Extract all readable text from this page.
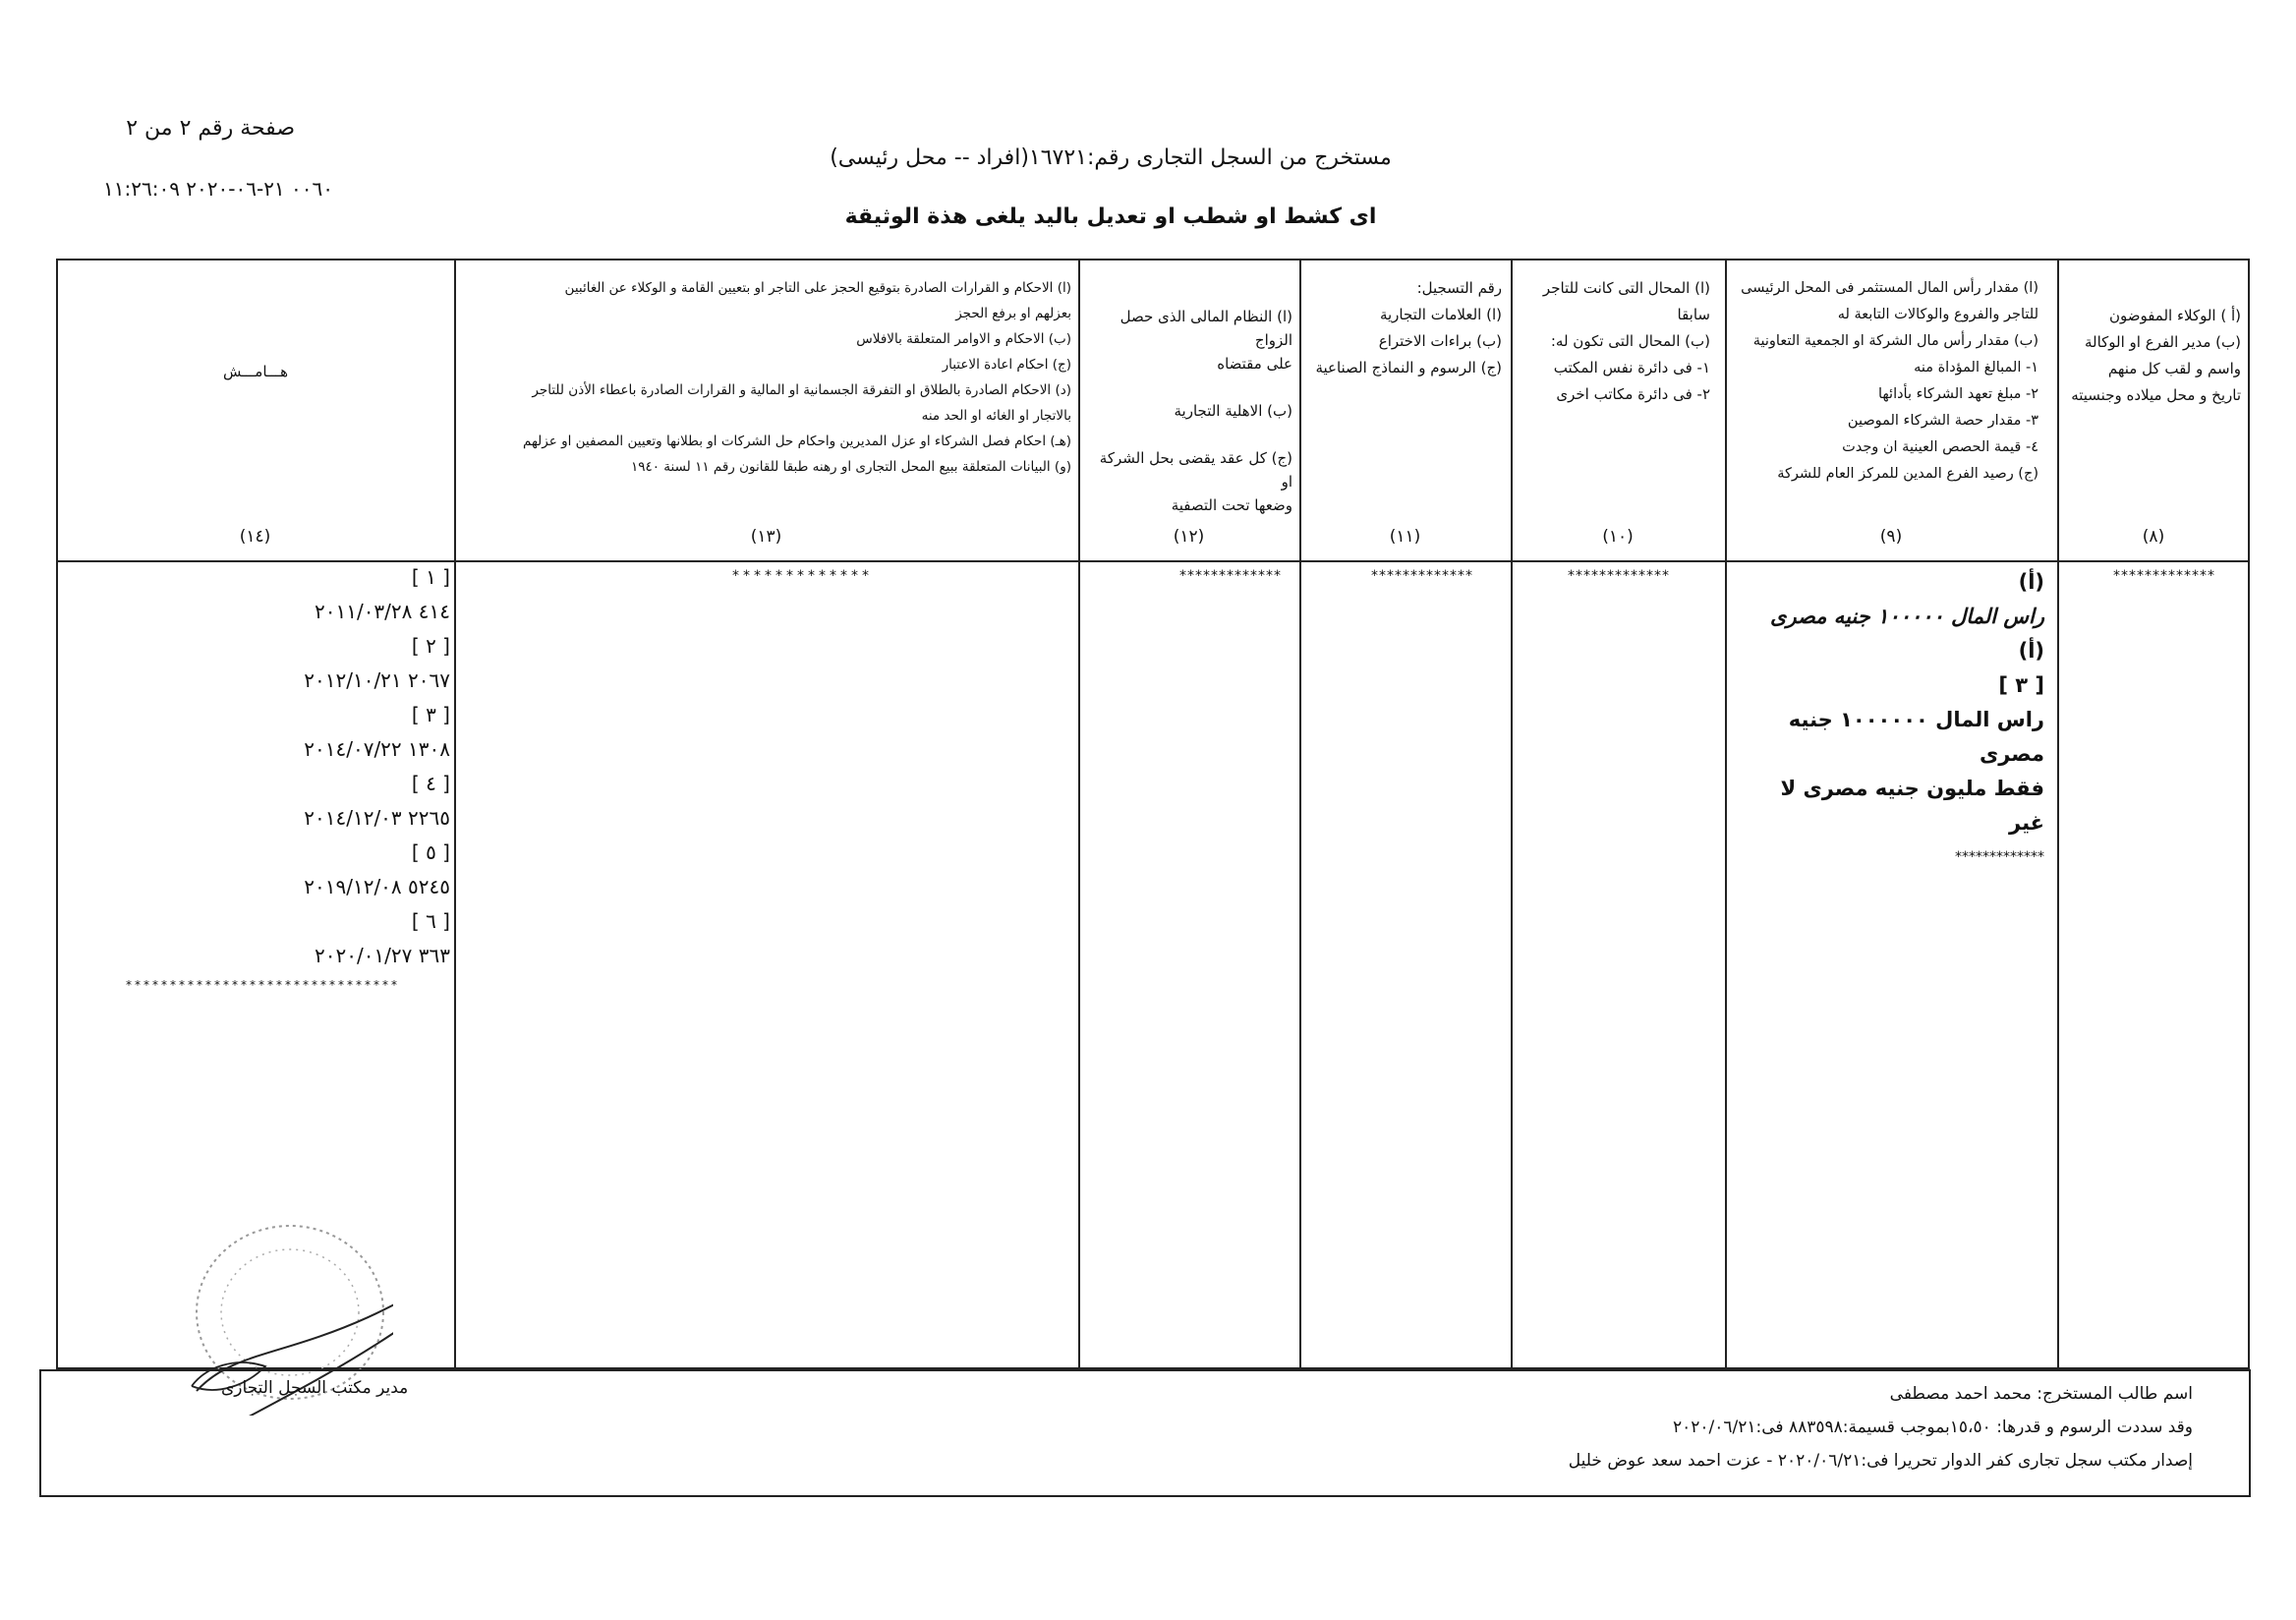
صفحة رقم ٢ من ٢
٠٠٦٠ ٢١-٠٦-٢٠٢٠ ١١:٢٦:٠٩
مستخرج من السجل التجارى رقم:١٦٧٢١(افراد -- محل رئيسى)
اى كشط او شطب او تعديل باليد يلغى هذة الوثيقة
(أ ) الوكلاء المفوضون
(ب) مدير الفرع او الوكالة
واسم و لقب كل منهم
تاريخ و محل ميلاده وجنسيته
(ا) مقدار رأس المال المستثمر فى المحل الرئيسى
للتاجر والفروع والوكالات التابعة له
(ب) مقدار رأس مال الشركة او الجمعية التعاونية
١- المبالغ المؤداة منه
٢- مبلغ تعهد الشركاء بأدائها
٣- مقدار حصة الشركاء الموصين
٤- قيمة الحصص العينية ان وجدت
(ج) رصيد الفرع المدين للمركز العام للشركة
(ا) المحال التى كانت للتاجر سابقا
(ب) المحال التى تكون له:
١- فى دائرة نفس المكتب
٢- فى دائرة مكاتب اخرى
رقم التسجيل:
(ا) العلامات التجارية
(ب) براءات الاختراع
(ج) الرسوم و النماذج الصناعية
(ا) النظام المالى الذى حصل الزواج
على مقتضاه

(ب) الاهلية التجارية

(ج) كل عقد يقضى بحل الشركة او
وضعها تحت التصفية
(ا) الاحكام و القرارات الصادرة بتوقيع الحجز على التاجر او بتعيين القامة و الوكلاء عن الغائبين
بعزلهم او برفع الحجز
(ب) الاحكام و الاوامر المتعلقة بالافلاس
(ج) احكام اعادة الاعتبار
(د) الاحكام الصادرة بالطلاق او التفرقة الجسمانية او المالية و القرارات الصادرة باعطاء الأذن للتاجر
بالاتجار او الغائه او الحد منه
(هـ) احكام فصل الشركاء او عزل المديرين واحكام حل الشركات او بطلانها وتعيين المصفين او عزلهم
(و) البيانات المتعلقة ببيع المحل التجارى او رهنه طبقا للقانون رقم ١١ لسنة ١٩٤٠
هـــامـــش
(٨)
(٩)
(١٠)
(١١)
(١٢)
(١٣)
(١٤)
*************
*************
*************
*************
*************	(أ)
راس المال ١٠٠٠٠٠ جنيه مصرى
(أ)
[ ٣ ]
راس المال ١٠٠٠٠٠٠ جنيه
مصرى
فقط مليون جنيه مصرى لا
غير
*************
[ ١ ]
٤١٤ ٢٠١١/٠٣/٢٨
[ ٢ ]
٢٠٦٧ ٢٠١٢/١٠/٢١
[ ٣ ]
١٣٠٨ ٢٠١٤/٠٧/٢٢
[ ٤ ]
٢٢٦٥ ٢٠١٤/١٢/٠٣
[ ٥ ]
٥٢٤٥ ٢٠١٩/١٢/٠٨
[ ٦ ]
٣٦٣ ٢٠٢٠/٠١/٢٧
*******************************
اسم طالب المستخرج: محمد احمد مصطفى
وقد سددت الرسوم و قدرها: ١٥،٥٠بموجب قسيمة:٨٨٣٥٩٨ فى:٢٠٢٠/٠٦/٢١
إصدار مكتب سجل تجارى كفر الدوار تحريرا فى:٢٠٢٠/٠٦/٢١ - عزت احمد سعد عوض خليل
مدير مكتب السجل التجارى
